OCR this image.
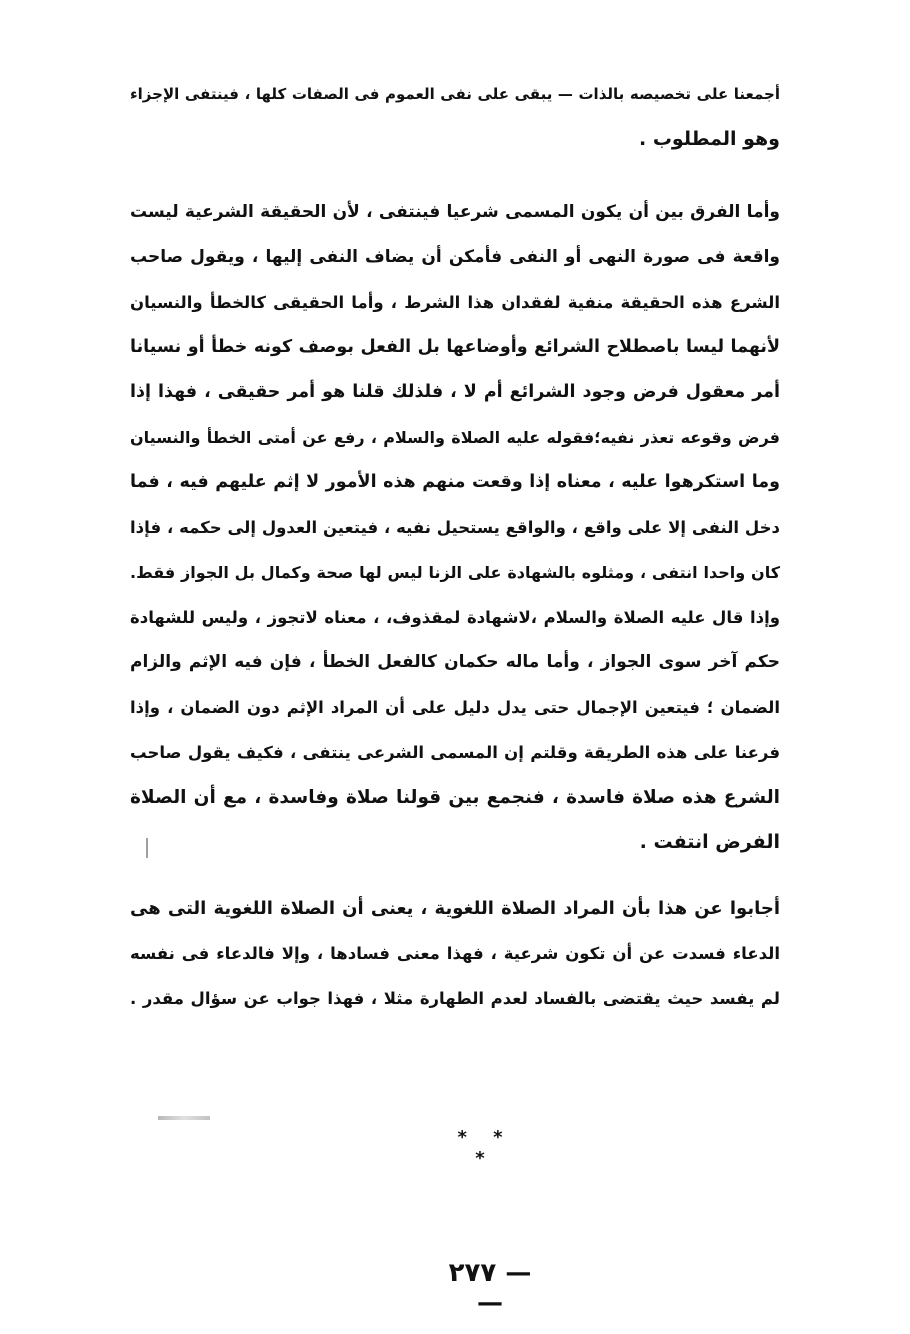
أجمعنا على تخصيصه بالذات — يبقى على نفى العموم فى الصفات كلها ، فينتفى الإجزاء
وهو المطلوب .
وأما الفرق بين أن يكون المسمى شرعيا فينتفى ، لأن الحقيقة الشرعية ليست
واقعة فى صورة النهى أو النفى فأمكن أن يضاف النفى إليها ، ويقول صاحب
الشرع هذه الحقيقة منفية لفقدان هذا الشرط ، وأما الحقيقى كالخطأ والنسيان
لأنهما ليسا باصطلاح الشرائع وأوضاعها بل الفعل بوصف كونه خطأ أو نسيانا
أمر معقول فرض وجود الشرائع أم لا ، فلذلك قلنا هو أمر حقيقى ، فهذا إذا
فرض وقوعه تعذر نفيه؛فقوله عليه الصلاة والسلام ، رفع عن أمتى الخطأ والنسيان
وما استكرهوا عليه ، معناه إذا وقعت منهم هذه الأمور لا إثم عليهم فيه ، فما
دخل النفى إلا على واقع ، والواقع يستحيل نفيه ، فيتعين العدول إلى حكمه ، فإذا
كان واحدا انتفى ، ومثلوه بالشهادة على الزنا ليس لها صحة وكمال بل الجواز فقط.
وإذا قال عليه الصلاة والسلام ،لاشهادة لمقذوف، ، معناه لاتجوز ، وليس للشهادة
حكم آخر سوى الجواز ، وأما ماله حكمان كالفعل الخطأ ، فإن فيه الإثم والزام
الضمان ؛ فيتعين الإجمال حتى يدل دليل على أن المراد الإثم دون الضمان ، وإذا
فرعنا على هذه الطريقة وقلتم إن المسمى الشرعى ينتفى ، فكيف يقول صاحب
الشرع هذه صلاة فاسدة ، فنجمع بين قولنا صلاة وفاسدة ، مع أن الصلاة
الفرض انتفت .
أجابوا عن هذا بأن المراد الصلاة اللغوية ، يعنى أن الصلاة اللغوية التى هى
الدعاء فسدت عن أن تكون شرعية ، فهذا معنى فسادها ، وإلا فالدعاء فى نفسه
لم يفسد حيث يقتضى بالفساد لعدم الطهارة مثلا ، فهذا جواب عن سؤال مقدر .
* * *
— ٢٧٧ —
